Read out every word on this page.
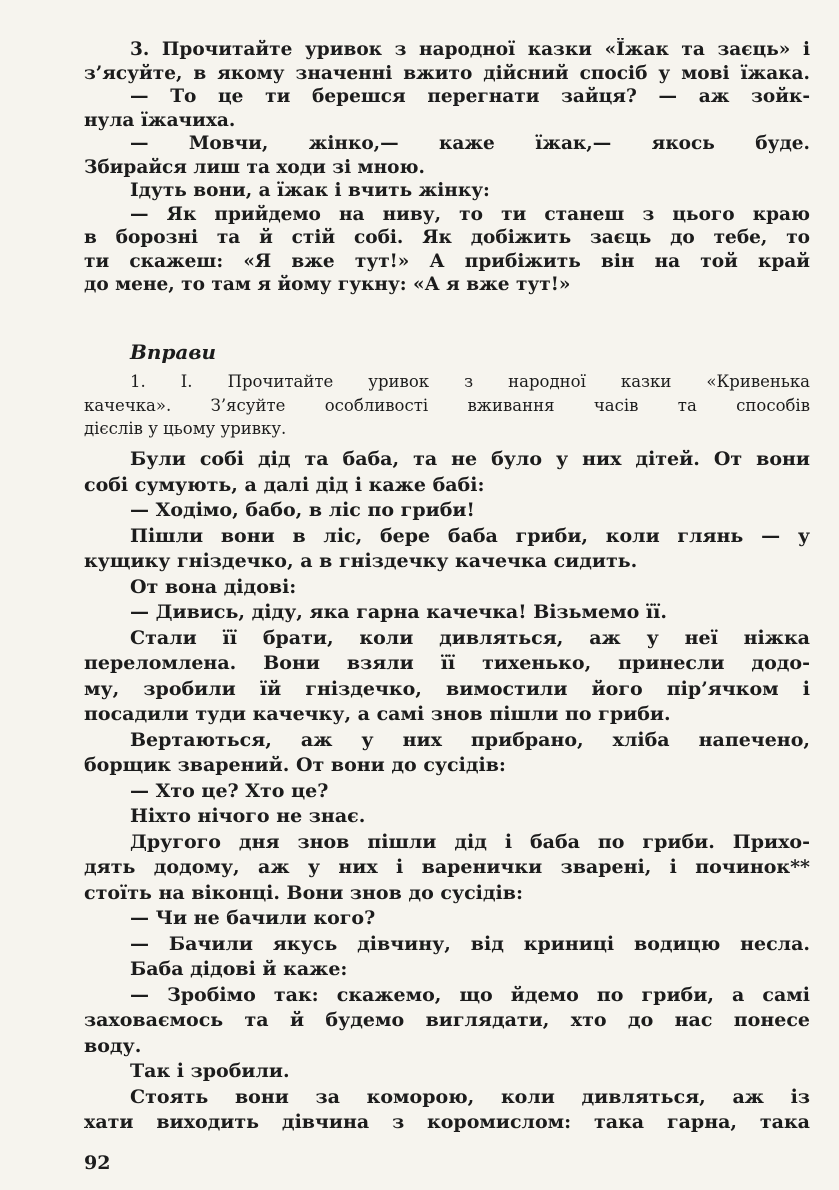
3. Прочитайте уривок з народної казки «Їжак та заєць» і
з’ясуйте, в якому значенні вжито дійсний спосіб у мові їжака.
— То це ти берешся перегнати зайця? — аж зойк-
нула їжачиха.
— Мовчи, жінко,— каже їжак,— якось буде.
Збирайся лиш та ходи зі мною.
Ідуть вони, а їжак і вчить жінку:
— Як прийдемо на ниву, то ти станеш з цього краю
в борозні та й стій собі. Як добіжить заєць до тебе, то
ти скажеш: «Я вже тут!» А прибіжить він на той край
до мене, то там я йому гукну: «А я вже тут!»
Вправи
1. І. Прочитайте уривок з народної казки «Кривенька
качечка». З’ясуйте особливості вживання часів та способів
дієслів у цьому уривку.
Були собі дід та баба, та не було у них дітей. От вони
собі сумують, а далі дід і каже бабі:
— Ходімо, бабо, в ліс по гриби!
Пішли вони в ліс, бере баба гриби, коли глянь — у
кущику гніздечко, а в гніздечку качечка сидить.
От вона дідові:
— Дивись, діду, яка гарна качечка! Візьмемо її.
Стали її брати, коли дивляться, аж у неї ніжка
переломлена. Вони взяли її тихенько, принесли додо-
му, зробили їй гніздечко, вимостили його пір’ячком і
посадили туди качечку, а самі знов пішли по гриби.
Вертаються, аж у них прибрано, хліба напечено,
борщик зварений. От вони до сусідів:
— Хто це? Хто це?
Ніхто нічого не знає.
Другого дня знов пішли дід і баба по гриби. Прихо-
дять додому, аж у них і варенички зварені, і починок**
стоїть на віконці. Вони знов до сусідів:
— Чи не бачили кого?
— Бачили якусь дівчину, від криниці водицю несла.
Баба дідові й каже:
— Зробімо так: скажемо, що йдемо по гриби, а самі
заховаємось та й будемо виглядати, хто до нас понесе
воду.
Так і зробили.
Стоять вони за коморою, коли дивляться, аж із
хати виходить дівчина з коромислом: така гарна, така
92
